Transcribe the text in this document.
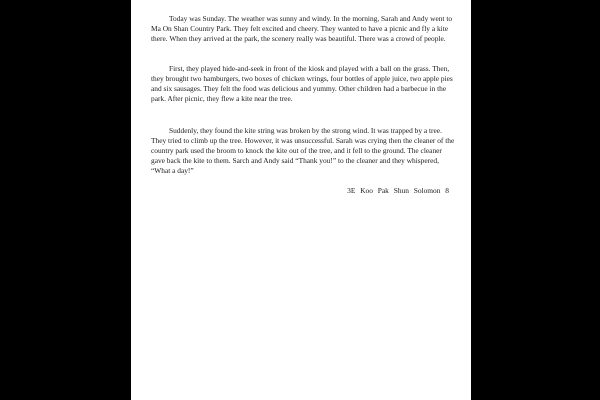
Today was Sunday. The weather was sunny and windy. In the morning, Sarah and Andy went to Ma On Shan Country Park. They felt excited and cheery. They wanted to have a picnic and fly a kite there. When they arrived at the park, the scenery really was beautiful. There was a crowd of people.

First, they played hide-and-seek in front of the kiosk and played with a ball on the grass. Then, they brought two hamburgers, two boxes of chicken wrings, four bottles of apple juice, two apple pies and six sausages. They felt the food was delicious and yummy. Other children had a barbecue in the park. After picnic, they flew a kite near the tree.

Suddenly, they found the kite string was broken by the strong wind. It was trapped by a tree. They tried to climb up the tree. However, it was unsuccessful. Sarah was crying then the cleaner of the country park used the broom to knock the kite out of the tree, and it fell to the ground. The cleaner gave back the kite to them. Sarch and Andy said “Thank you!” to the cleaner and they whispered, “What a day!”

3E Koo Pak Shun Solomon 8
